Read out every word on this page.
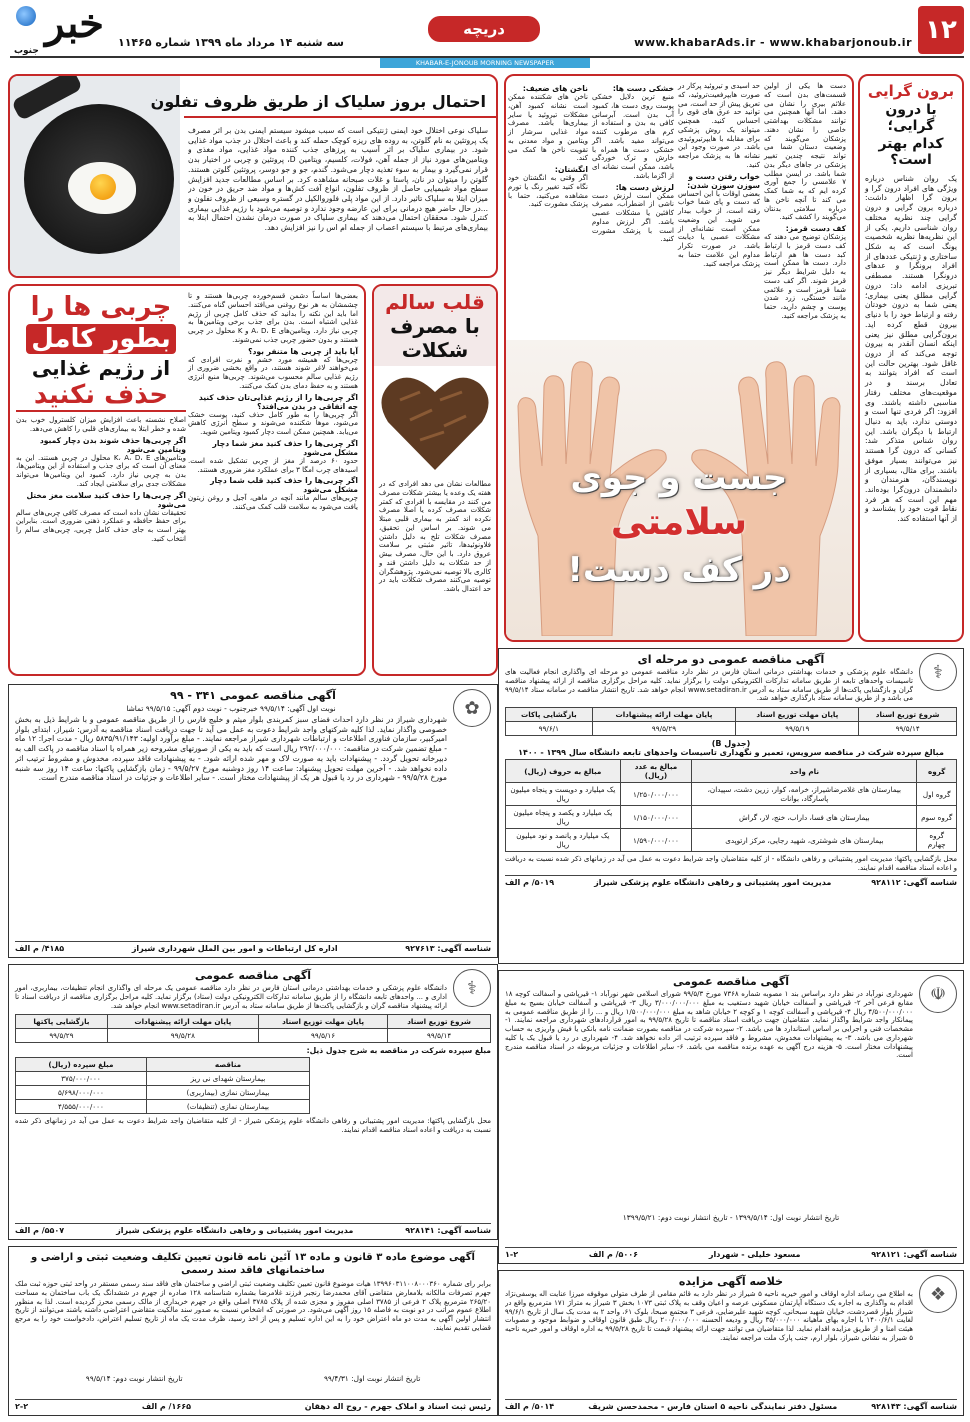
۱۲
دریچه
www.khabarAds.ir - www.khabarjonoub.ir
سه شنبه ۱۴ مرداد ماه ۱۳۹۹ شماره ۱۱۴۶۵
خبر
جنوب
KHABAR-E-JONOUB MORNING NEWSPAPER
احتمال بروز سلیاک از طریق ظروف تفلون
سلیاک نوعی اختلال خود ایمنی ژنتیکی است که سبب میشود سیستم ایمنی بدن بر اثر مصرف یک پروتئین به نام گلوتن، به روده های ریزه کوچک حمله کند و باعث اختلال در جذب مواد غذایی شود. در بیماری سلیاک بر اثر آسیب به پرزهای جذب کننده مواد غذایی، مواد مغذی و ویتامین‌های مورد نیاز از جمله آهن، فولات، کلسیم، ویتامین D، پروتئین و چربی در اختیار بدن قرار نمی‌گیرد و بیمار به سوء تغذیه دچار می‌شود. گندم، جو و جو دوسر، پروتئین گلوتن هستند. گلوتن را میتوان در نان، پاستا و غلات صبحانه مشاهده کرد. بر اساس مطالعات جدید افزایش سطح مواد شیمیایی حاصل از ظروف تفلون، انواع آفت کش‌ها و مواد ضد حریق در خون در میزان ابتلا به سلیاک تاثیر دارد. از این مواد پلی فلوروالکیل در گستره وسیعی از ظروف تفلون و ...در حال حاضر هیچ درمانی برای این عارضه وجود ندارد و توصیه می‌شود با رژیم غذایی بیماری کنترل شود. محققان احتمال می‌دهند که بیماری سلیاک در صورت درمان نشدن احتمال ابتلا به بیماری‌های مرتبط با سیستم اعصاب از جمله ام اس را نیز افزایش دهد.
دست ها یکی از اولین قسمت‌های بدن است که علائم بیری را نشان می دهند. اما آنها همچنین می توانند مشکلات بهداشتی خاصی را نشان دهند. پزشکان می‌گویند که وضعیت دستان شما می تواند نتیجه چندین تغییر پزشکی در جاهای دیگر بدن شما باشد. در ایسن مطلب ۷ علامسی را جمع آوری کرده ایم که به شما کمک می کند تا آنچه ناخن ها درباره سلامتی بدنتان می‌گویند را کشف کنید.
کف دست قرمز:
پزشکان توضیح می دهند که کف دست قرمز با ارتباط کبد دست ها هم ارتباط دارد. دست ها ممکن است به دلیل شرایط دیگر نیز قرمز شوند. اگر کف دست شما قرمز است و علائمی مانند خستگی، زرد شدن پوست و چشم دارید، حتما به پزشک مراجعه کنید.
حد اسیدی و تیروئید پرکار در صورت هایپرفعیت‌تروئید، که تعریق پیش از حد است، می توانید حد عرق های قوی را احساس کنید. همچنین میتواند یک روش پزشکی برای مقابله با هایپرتیروئیدی باشد. در صورت وجود این نشانه ها به پزشک مراجعه کنید.
خواب رفتن دست و سوزن سوزن شدن:
بعضی اوقات با این احساس که دست و پای شما خواب رفته است، از خواب بیدار می شوید. این وضعیت ممکن است نشانه‌ای از مشکلات عصبی یا دیابت باشد. در صورت تکرار مداوم این علامت حتما به پزشک مراجعه کنید.
خشکی دست ها:
منبع ترین دلایل خشکی پوست روی دست ها، کمبود آب بدن است. آبرسانی کافی به بدن و استفاده از کرم های مرطوب کننده می‌تواند مفید باشد. اگر خشکی دست ها همراه با خارش و ترک خوردگی باشد، ممکن است نشانه ای از اگزما باشد.
لرزش دست ها:
ممکن است لرزش دست ناشی از اضطراب، مصرف کافئین یا مشکلات عصبی باشد. اگر لرزش مداوم است با پزشک مشورت کنید.
ناخن های ضعیف:
ناخن های شکننده ممکن است نشانه کمبود آهن، مشکلات تیروئید یا سایر بیماری‌ها باشد. مصرف مواد غذایی سرشار از ویتامین و مواد معدنی به تقویت ناخن ها کمک می کند.
انگشتان:
اگر وقتی به انگشتان خود نگاه کنید تغییر رنگ یا تورم مشاهده می‌کنید، حتما با پزشک مشورت کنید.
جست و جوی
سلامتی
در کف دست!
برون گرایی
یا درون گرایی؛
کدام بهتر است؟
یک روان شناس درباره ویژگی های افراد درون گرا و برون گرا اظهار داشت: درباره برون گرایی و درون گرایی چند نظریه مختلف روان شناسی داریم. یکی از این نظریه‌ها نظریه شخصیت یونگ است که به شکل ساختاری و ژنتیکی عددهای از افراد برونگرا و عدهای درونگرا هستند. مصطفی تبریزی ادامه داد: درون گرایی مطلق یعنی بیماری؛ یعنی شما به درون خودتان رفته و ارتباط خود را با دنیای بیرون قطع کرده اید. برون‌گرایی مطلق نیز یعنی اینکه انسان آنقدر به بیرون توجه می‌کند که از درون غافل شود. بهترین حالت این است که افراد بتوانند به تعادل برسند و در موقعیت‌های مختلف رفتار مناسبی داشته باشند. وی افزود: اگر فردی تنها است و دوستی ندارد، باید به دنبال ارتباط با دیگران باشد. این روان شناس متذکر شد: کسانی که درون گرا هستند نیز می‌توانند بسیار موفق باشند. برای مثال، بسیاری از نویسندگان، هنرمندان و دانشمندان درون‌گرا بوده‌اند. مهم این است که هر فرد نقاط قوت خود را بشناسد و از آنها استفاده کند.
بعضی‌ها اساساً دشمن قسم‌خورده چربی‌ها هستند و تا چشمشان به هر نوع روغنی می‌افتد احساس گناه می‌کنند. اما باید این نکته را بدانید که حذف کامل چربی از رژیم غذایی اشتباه است. بدن برای جذب برخی ویتامین‌ها به چربی نیاز دارد. ویتامین‌های A، D، E و K محلول در چربی هستند و بدون حضور چربی جذب نمی‌شوند.
آیا باید از چربی ها متنفر بود؟
چربی‌ها که همیشه مورد خشم و نفرت افرادی که می‌خواهند لاغر شوند هستند، در واقع بخشی ضروری از رژیم غذایی سالم محسوب می‌شوند. چربی‌ها منبع انرژی هستند و به حفظ دمای بدن کمک می‌کنند.
اگر چربی‌ها را از رژیم غذایی‌تان حذف کنید چه اتفاقی در بدن می‌افتد؟
اگر چربی‌ها را به طور کامل حذف کنید، پوست خشک می‌شود، موها شکننده می‌شوند و سطح انرژی کاهش می‌یابد. همچنین ممکن است دچار کمبود ویتامین شوید.
اگر چربی‌ها را حذف کنید مغز شما دچار مشکل می‌شود
حدود ۶۰ درصد از مغز از چربی تشکیل شده است. اسیدهای چرب امگا ۳ برای عملکرد مغز ضروری هستند.
اگر چربی‌ها را حذف کنید قلب شما دچار مشکل می‌شود
چربی‌های سالم مانند آنچه در ماهی، آجیل و روغن زیتون یافت می‌شود به سلامت قلب کمک می‌کنند.
چربی ها را
بطور کامل
از رژیم غذایی
حذف نکنید
اصلاح نشسته باعث افزایش میزان کلسترول خوب بدن شده و خطر ابتلا به بیماری‌های قلبی را کاهش می‌دهد.
اگر چربی‌ها حذف شوند بدن دچار کمبود ویتامین می‌شود
ویتامین‌های K، A، D، E محلول در چربی هستند. این به معنای آن است که برای جذب و استفاده از این ویتامین‌ها، بدن به چربی نیاز دارد. کمبود این ویتامین‌ها می‌تواند مشکلات جدی برای سلامتی ایجاد کند.
اگر چربی‌ها را حذف کنید سلامت مغز مختل می‌شود
تحقیقات نشان داده است که مصرف کافی چربی‌های سالم برای حفظ حافظه و عملکرد ذهنی ضروری است. بنابراین بهتر است به جای حذف کامل چربی، چربی‌های سالم را انتخاب کنید.
قلب سالم
با مصرف
شکلات
مطالعات نشان می دهد افرادی که در هفته یک وعده یا بیشتر شکلات مصرف می کنند در مقایسه با افرادی که کمتر شکلات مصرف کرده یا اصلا مصرف نکرده اند کمتر به بیماری قلبی مبتلا می شوند. بر اساس این تحقیق، مصرف شکلات تلخ به دلیل داشتن فلاونوئیدها، تاثیر مثبتی بر سلامت عروق دارد. با این حال، مصرف بیش از حد شکلات به دلیل داشتن قند و کالری بالا توصیه نمی‌شود. پژوهشگران توصیه می‌کنند مصرف شکلات باید در حد اعتدال باشد.
⚕
آگهی مناقصه عمومی دو مرحله ای
دانشگاه علوم پزشکی و خدمات بهداشتی درمانی استان فارس در نظر دارد مناقصه عمومی دو مرحله ای واگذاری انجام فعالیت های تاسیسات واحدهای تابعه از طریق سامانه تدارکات الکترونیکی دولت را برگزار نماید. کلیه مراحل برگزاری مناقصه از ارائه پیشنهاد مناقصه گران و بازگشایی پاکت‌ها از طریق سامانه ستاد به آدرس www.setadiran.ir انجام خواهد شد. تاریخ انتشار مناقصه در سامانه ستاد ۹۹/۵/۱۴ می باشد و از طریق سامانه ستاد بارگذاری خواهد شد.
شروع توزیع اسناد	پایان مهلت توزیع اسناد	پایان مهلت ارائه پیشنهادات	بازگشایی پاکات
۹۹/۵/۱۴	۹۹/۵/۱۹	۹۹/۵/۲۹	۹۹/۶/۱
(جدول B)
مبالغ سپرده شرکت در مناقصه سرویس، تعمیر و نگهداری تاسیسات واحدهای تابعه دانشگاه سال ۱۳۹۹ - ۱۴۰۰
گروه	نام واحد	مبالغ به عدد (ریال)	مبالغ به حروف (ریال)
گروه اول	بیمارستان های غلامرضاشیراز، خرامه، کوار، زرین دشت، سپیدان، پاسارگاد، بوانات	۱/۲۵۰/۰۰۰/۰۰۰	یک میلیارد و دویست و پنجاه میلیون ریال
گروه سوم	بیمارستان های فسا، داراب، خنج، لار، گراش	۱/۱۵۰/۰۰۰/۰۰۰	یک میلیارد و یکصد و پنجاه میلیون ریال
گروه چهارم	بیمارستان های شوشتری، شهید رجایی، مرکز ارتوپدی	۱/۵۹۰/۰۰۰/۰۰۰	یک میلیارد و پانصد و نود میلیون ریال
محل بازگشایی پاکتها: مدیریت امور پشتیبانی و رفاهی دانشگاه - از کلیه متقاضیان واجد شرایط دعوت به عمل می آید در زمانهای ذکر شده نسبت به دریافت و اعاده اسناد مناقصه اقدام نمایند.
شناسه آگهی: ۹۲۸۱۱۲
مدیریت امور پشتیبانی و رفاهی دانشگاه علوم پزشکی شیراز
۵۰۱۹/ م الف
✿
آگهی مناقصه عمومی ۳۴۱ - ۹۹
نوبت اول آگهی: ۹۹/۵/۱۴ خبرجنوب - نوبت دوم آگهی: ۹۹/۵/۱۵ تماشا
شهرداری شیراز در نظر دارد احداث فضای سبز کمربندی بلوار میثم و خلیج فارس را از طریق مناقصه عمومی و با شرایط ذیل به بخش خصوصی واگذار نماید. لذا کلیه شرکتهای واجد شرایط دعوت به عمل می آید تا جهت دریافت اسناد مناقصه به آدرس: شیراز، ابتدای بلوار امیرکبیر، سازمان فناوری اطلاعات و ارتباطات شهرداری شیراز مراجعه نمایند. - مبلغ برآورد اولیه: ۵۸۳۵/۹۱/۱۴۳ ریال - مدت اجرا: ۱۲ ماه - مبلغ تضمین شرکت در مناقصه: ۲۹۲/۰۰۰/۰۰۰ ریال است که باید به یکی از صورتهای مشروحه زیر همراه با اسناد مناقصه در پاکت الف به دبیرخانه تحویل گردد. - پیشنهادات باید به صورت لاک و مهر شده ارائه شود. - به پیشنهادات فاقد سپرده، مخدوش و مشروط ترتیب اثر داده نخواهد شد. - آخرین مهلت تحویل پیشنهاد: ساعت ۱۴ روز دوشنبه مورخ ۹۹/۵/۲۷ - زمان بازگشایی پاکتها: ساعت ۱۴ روز سه شنبه مورخ ۹۹/۵/۲۸ - شهرداری در رد یا قبول هر یک از پیشنهادات مختار است. - سایر اطلاعات و جزئیات در اسناد مناقصه مندرج است.
شناسه آگهی: ۹۲۷۶۱۳
اداره کل ارتباطات و امور بین الملل شهرداری شیراز
۴۱۸۵/ م الف
⚕
آگهی مناقصه عمومی
دانشگاه علوم پزشکی و خدمات بهداشتی درمانی استان فارس در نظر دارد مناقصه عمومی یک مرحله ای واگذاری انجام تنظیفات، بیماربری، امور اداری و ... واحدهای تابعه دانشگاه را از طریق سامانه تدارکات الکترونیکی دولت (ستاد) برگزار نماید. کلیه مراحل برگزاری مناقصه از دریافت اسناد تا ارائه پیشنهاد مناقصه گران و بازگشایی پاکت‌ها از طریق سامانه ستاد به آدرس www.setadiran.ir انجام خواهد شد.
شروع توزیع اسناد	پایان مهلت توزیع اسناد	پایان مهلت ارائه پیشنهادات	بازگشایی پاکتها
۹۹/۵/۱۴	۹۹/۵/۱۶	۹۹/۵/۲۸	۹۹/۵/۲۹
مبلغ سپرده شرکت در مناقصه به شرح جدول ذیل:
مناقصه	مبلغ سپرده (ریال)
بیمارستان شهدای نی ریز	۳۷۵/۰۰۰/۰۰۰
بیمارستان نمازی (بیماربری)	۵/۶۹۸/۰۰۰/۰۰۰
بیمارستان نمازی (تنظیفات)	۴/۵۵۵/۰۰۰/۰۰۰
محل بازگشایی پاکتها: مدیریت امور پشتیبانی و رفاهی دانشگاه علوم پزشکی شیراز - از کلیه متقاضیان واجد شرایط دعوت به عمل می آید در زمانهای ذکر شده نسبت به دریافت و اعاده اسناد مناقصه اقدام نمایند.
شناسه آگهی: ۹۲۸۱۴۱
مدیریت امور پشتیبانی و رفاهی دانشگاه علوم پزشکی شیراز
۵۵۰۷/ م الف
☫
آگهی مناقصه عمومی
شهرداری نورآباد در نظر دارد براساس بند ۱ مصوبه شماره ۷۳۶۸ مورخ ۹۹/۵/۳ شورای اسلامی شهر نورآباد ۱- قیرپاشی و آسفالت کوچه ۱۸ مقابع فرعی آخر ۲- قیرپاشی و آسفالت خیابان شهید دستغیب به مبلغ ۳/۰۰۰/۰۰۰/۰۰۰ ریال ۳- قیرپاشی و آسفالت خیابان بسیج به مبلغ ۴/۵۰۰/۰۰۰/۰۰۰ ریال ۴- قیرپاشی و آسفالت کوچه ۱ و کوچه ۲ خیابان شاهد به مبلغ ۱/۵۰۰/۰۰۰/۰۰۰ ریال و ... را از طریق مناقصه عمومی به پیمانکار واجد شرایط واگذار نماید. متقاضیان جهت دریافت اسناد مناقصه تا تاریخ ۹۹/۵/۲۸ به امور قراردادهای شهرداری مراجعه نمایند. ۱- مشخصات فنی و اجرایی بر اساس استاندارد ها می باشد. ۲- سپرده شرکت در مناقصه بصورت ضمانت نامه بانکی یا فیش واریزی به حساب شهرداری می باشد. ۳- به پیشنهادات مخدوش، مشروط و فاقد سپرده ترتیب اثر داده نخواهد شد. ۴- شهرداری در رد یا قبول یک یا کلیه پیشنهادات مختار است. ۵- هزینه درج آگهی به عهده برنده مناقصه می باشد. ۶- سایر اطلاعات و جزئیات مربوطه در اسناد مناقصه مندرج است.
تاریخ انتشار نوبت اول: ۱۳۹۹/۵/۱۴ - تاریخ انتشار نوبت دوم: ۱۳۹۹/۵/۲۱
شناسه آگهی: ۹۲۸۱۲۱
مسعود خلیلی - شهردار
۵۰۰۶/ م الف
۱-۲
آگهی موضوع ماده ۳ قانون و ماده ۱۳ آئین نامه قانون تعیین تکلیف وضعیت ثبتی و اراضی و ساختمانهای فاقد سند رسمی
برابر رای شماره ۱۳۹۹۶۰۳۱۱۰۰۸۰۰۰۳۶۰ هیات موضوع قانون تعیین تکلیف وضعیت ثبتی اراضی و ساختمان های فاقد سند رسمی مستقر در واحد ثبتی حوزه ثبت ملک جهرم تصرفات مالکانه بلامعارض متقاضی آقای محمدرضا رنجبر فرزند غلامرضا بشماره شناسنامه ۱۲۸ صادره از جهرم در ششدانگ یک باب ساختمان به مساحت ۲۶۵/۲۰ مترمربع پلاک ۲ فرعی از ۳۷۸۵ اصلی مفروز و مجزی شده از پلاک ۳۷۸۵ اصلی واقع در جهرم خریداری از مالک رسمی محرز گردیده است. لذا به منظور اطلاع عموم مراتب در دو نوبت به فاصله ۱۵ روز آگهی می‌شود. در صورتی که اشخاص نسبت به صدور سند مالکیت متقاضی اعتراضی داشته باشند می‌توانند از تاریخ انتشار اولین آگهی به مدت دو ماه اعتراض خود را به این اداره تسلیم و پس از اخذ رسید، ظرف مدت یک ماه از تاریخ تسلیم اعتراض، دادخواست خود را به مرجع قضایی تقدیم نمایند.
تاریخ انتشار نوبت اول: ۹۹/۴/۳۱
تاریخ انتشار نوبت دوم: ۹۹/۵/۱۴
رئیس ثبت اسناد و املاک جهرم - روح اله دهقان
۱۶۶۵/ م الف
۲-۲
❖
خلاصه آگهی مزایده
به اطلاع می رساند اداره اوقاف و امور خیریه ناحیه ۵ شیراز در نظر دارد به قائم مقامی از طرف متولی موقوفه میرزا عنایت اله یوسفی‌نژاد اقدام به واگذاری به اجاره یک دستگاه آپارتمان مسکونی عرصه و اعیان وقف به پلاک ثبتی ۱۰۷۳ بخش ۳ شیراز به متراژ ۱۷۱ مترمربع واقع در شیراز بلوار قصردشت، خیابان شهید سبحانی، کوچه شهید علیرضایی، فرعی ۳ مجتمع صبحا، بلوک ۶۱، واحد ۲ به مدت یک سال از تاریخ ۹۹/۶/۱ لغایت ۱۴۰۰/۶/۱ با اجاره بهای ماهیانه ۳۵/۰۰۰/۰۰۰ ریال و ودیعه الحسنه ۲۰۰/۰۰۰/۰۰۰ ریال طبق قانون اوقاف و ضوابط موجود و مصوبات هیئت امنا و از طریق مزایده اقدام نماید. لذا متقاضیان می توانند جهت ارائه پیشنهاد قیمت تا تاریخ ۹۹/۵/۲۸ به اداره اوقاف و امور خیریه ناحیه ۵ شیراز به نشانی شیراز، بلوار ارم، جنب پارک ملت مراجعه نمایند.
شناسه آگهی: ۹۲۸۱۴۳
مسئول دفتر نمایندگی ناحیه ۵ استان فارس - محمدحسن شریف
۵۰۱۴/ م الف
